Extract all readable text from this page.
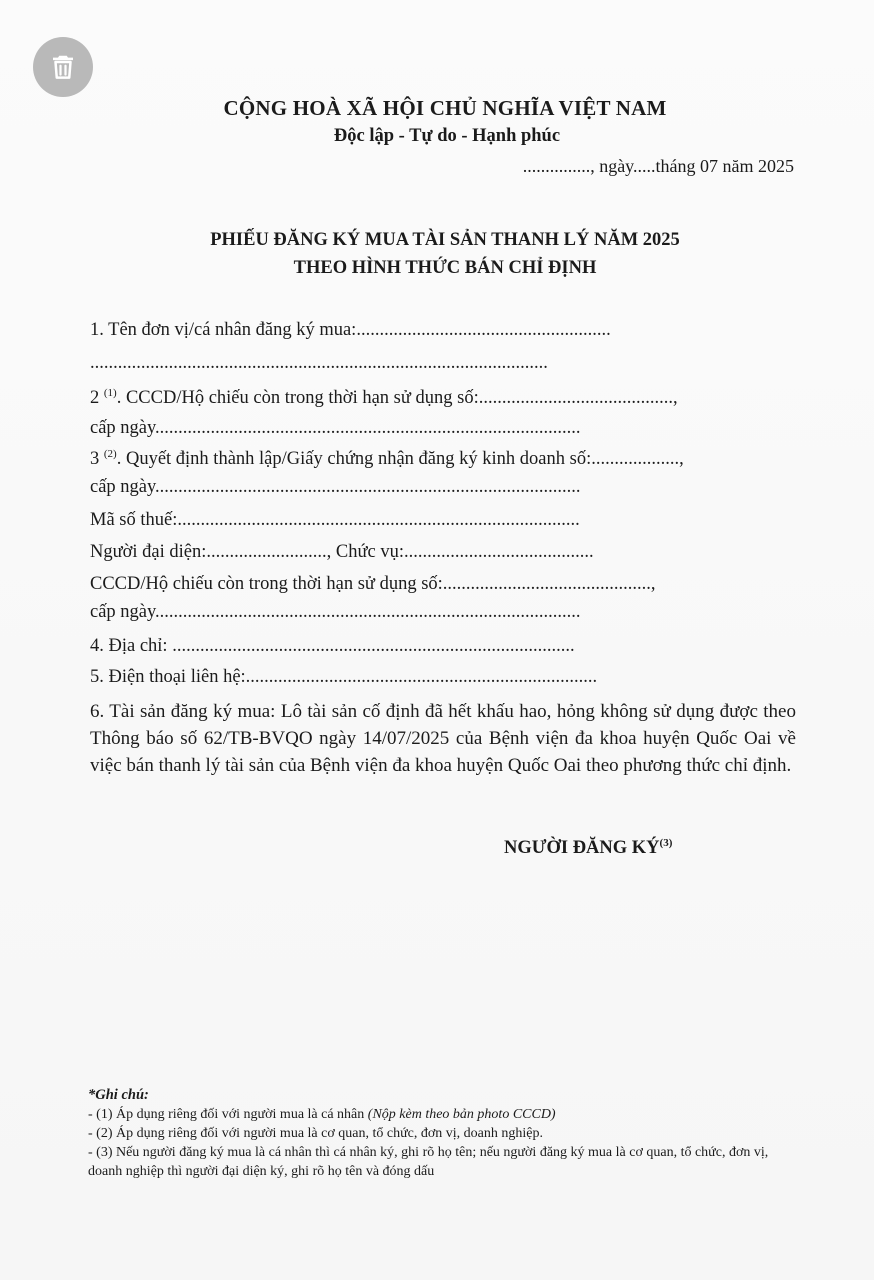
CỘNG HOÀ XÃ HỘI CHỦ NGHĨA VIỆT NAM
Độc lập - Tự do - Hạnh phúc
..............., ngày.....tháng 07 năm 2025
PHIẾU ĐĂNG KÝ MUA TÀI SẢN THANH LÝ NĂM 2025
THEO HÌNH THỨC BÁN CHỈ ĐỊNH
1. Tên đơn vị/cá nhân đăng ký mua:.......................................................
...................................................................................................
2 $^{(1)}$. CCCD/Hộ chiếu còn trong thời hạn sử dụng số:..........................................,
cấp ngày............................................................................................
3 $^{(2)}$. Quyết định thành lập/Giấy chứng nhận đăng ký kinh doanh số:...................,
cấp ngày............................................................................................
Mã số thuế:.......................................................................................
Người đại diện:.........................., Chức vụ:.........................................
CCCD/Hộ chiếu còn trong thời hạn sử dụng số:.............................................,
cấp ngày............................................................................................
4. Địa chỉ: .......................................................................................
5. Điện thoại liên hệ:............................................................................
6. Tài sản đăng ký mua: Lô tài sản cố định đã hết khấu hao, hỏng không sử dụng được theo Thông báo số 62/TB-BVQO ngày 14/07/2025 của Bệnh viện đa khoa huyện Quốc Oai về việc bán thanh lý tài sản của Bệnh viện đa khoa huyện Quốc Oai theo phương thức chỉ định.
NGƯỜI ĐĂNG KÝ$^{(3)}$
*Ghi chú:
- (1) Áp dụng riêng đối với người mua là cá nhân (Nộp kèm theo bản photo CCCD)
- (2) Áp dụng riêng đối với người mua là cơ quan, tổ chức, đơn vị, doanh nghiệp.
- (3) Nếu người đăng ký mua là cá nhân thì cá nhân ký, ghi rõ họ tên; nếu người đăng ký mua là cơ quan, tổ chức, đơn vị, doanh nghiệp thì người đại diện ký, ghi rõ họ tên và đóng dấu
